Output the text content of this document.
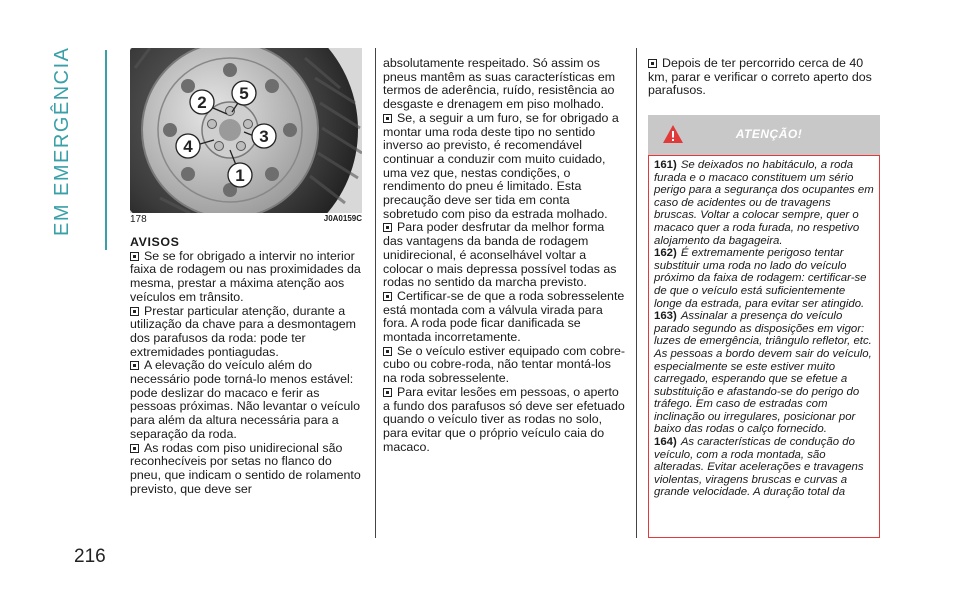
EM EMERGÊNCIA
216
2 5
3
4
1
178	J0A0159C
AVISOS

Se se for obrigado a intervir no interior faixa de rodagem ou nas proximidades da mesma, prestar a máxima atenção aos veículos em trânsito.

Prestar particular atenção, durante a utilização da chave para a desmontagem dos parafusos da roda: pode ter extremidades pontiagudas.

A elevação do veículo além do necessário pode torná-lo menos estável: pode deslizar do macaco e ferir as pessoas próximas. Não levantar o veículo para além da altura necessária para a separação da roda.

As rodas com piso unidirecional são reconhecíveis por setas no flanco do pneu, que indicam o sentido de rolamento previsto, que deve ser

absolutamente respeitado. Só assim os pneus mantêm as suas características em termos de aderência, ruído, resistência ao desgaste e drenagem em piso molhado.

Se, a seguir a um furo, se for obrigado a montar uma roda deste tipo no sentido inverso ao previsto, é recomendável continuar a conduzir com muito cuidado, uma vez que, nestas condições, o rendimento do pneu é limitado. Esta precaução deve ser tida em conta sobretudo com piso da estrada molhado.

Para poder desfrutar da melhor forma das vantagens da banda de rodagem unidirecional, é aconselhável voltar a colocar o mais depressa possível todas as rodas no sentido da marcha previsto.

Certificar-se de que a roda sobresselente está montada com a válvula virada para fora. A roda pode ficar danificada se montada incorretamente.

Se o veículo estiver equipado com cobre-cubo ou cobre-roda, não tentar montá-los na roda sobresselente.

Para evitar lesões em pessoas, o aperto a fundo dos parafusos só deve ser efetuado quando o veículo tiver as rodas no solo, para evitar que o próprio veículo caia do macaco.

Depois de ter percorrido cerca de 40 km, parar e verificar o correto aperto dos parafusos.

ATENÇÃO!

161) Se deixados no habitáculo, a roda furada e o macaco constituem um sério perigo para a segurança dos ocupantes em caso de acidentes ou de travagens bruscas. Voltar a colocar sempre, quer o macaco quer a roda furada, no respetivo alojamento da bagageira.

162) É extremamente perigoso tentar substituir uma roda no lado do veículo próximo da faixa de rodagem: certificar-se de que o veículo está suficientemente longe da estrada, para evitar ser atingido.

163) Assinalar a presença do veículo parado segundo as disposições em vigor: luzes de emergência, triângulo refletor, etc. As pessoas a bordo devem sair do veículo, especialmente se este estiver muito carregado, esperando que se efetue a substituição e afastando-se do perigo do tráfego. Em caso de estradas com inclinação ou irregulares, posicionar por baixo das rodas o calço fornecido.

164) As características de condução do veículo, com a roda montada, são alteradas. Evitar acelerações e travagens violentas, viragens bruscas e curvas a grande velocidade. A duração total da
